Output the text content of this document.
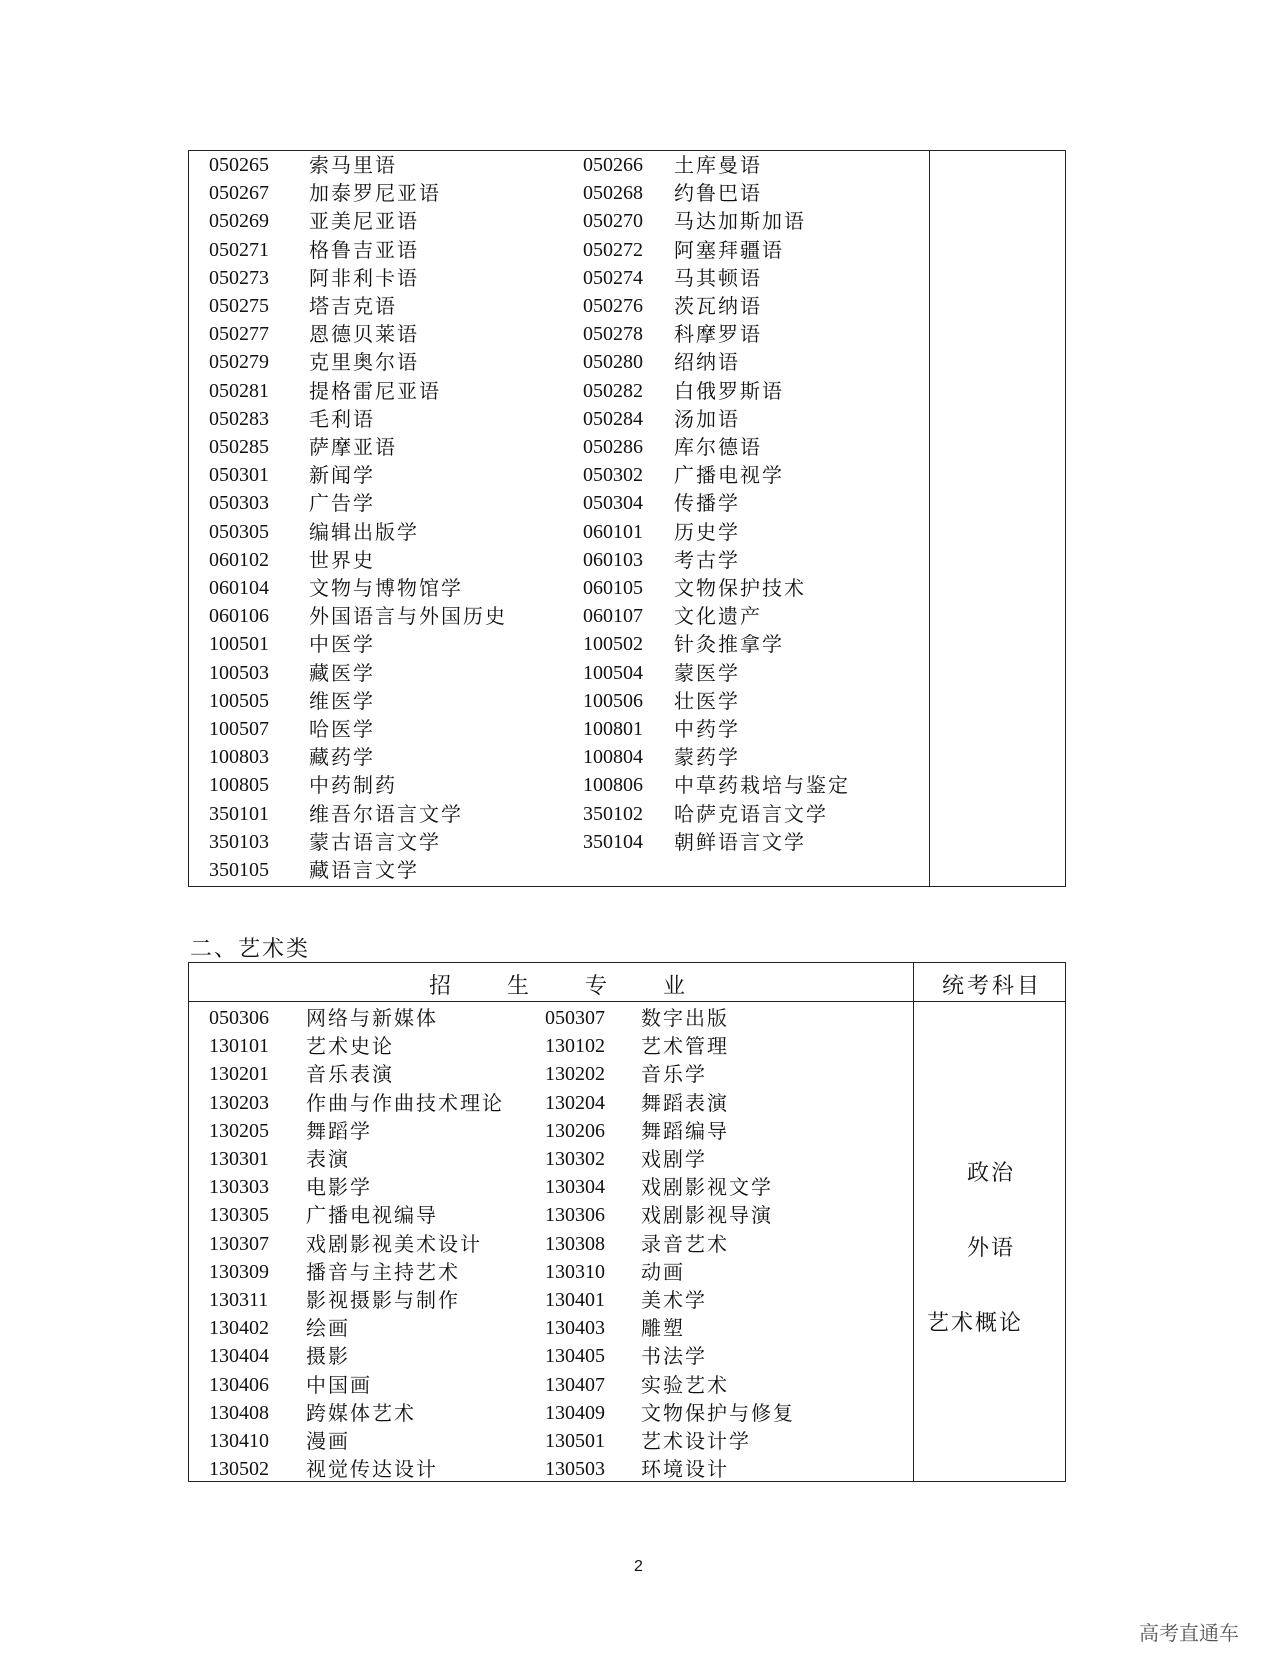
050265 索马里语	050266 土库曼语
050267 加泰罗尼亚语	050268 约鲁巴语
050269 亚美尼亚语	050270 马达加斯加语
050271 格鲁吉亚语	050272 阿塞拜疆语
050273 阿非利卡语	050274 马其顿语
050275 塔吉克语	050276 茨瓦纳语
050277 恩德贝莱语	050278 科摩罗语
050279 克里奥尔语	050280 绍纳语
050281 提格雷尼亚语	050282 白俄罗斯语
050283 毛利语	050284 汤加语
050285 萨摩亚语	050286 库尔德语
050301 新闻学	050302 广播电视学
050303 广告学	050304 传播学
050305 编辑出版学	060101 历史学
060102 世界史	060103 考古学
060104 文物与博物馆学	060105 文物保护技术
060106 外国语言与外国历史	060107 文化遗产
100501 中医学	100502 针灸推拿学
100503 藏医学	100504 蒙医学
100505 维医学	100506 壮医学
100507 哈医学	100801 中药学
100803 藏药学	100804 蒙药学
100805 中药制药	100806 中草药栽培与鉴定
350101 维吾尔语言文学	350102 哈萨克语言文学
350103 蒙古语言文学	350104 朝鲜语言文学
350105 藏语言文学
二、艺术类
招	生	专	业	统考科目
政治
外语
艺术概论
050306 网络与新媒体	050307 数字出版
130101 艺术史论	130102 艺术管理
130201 音乐表演	130202 音乐学
130203 作曲与作曲技术理论 130204 舞蹈表演
130205 舞蹈学	130206 舞蹈编导
130301 表演	130302 戏剧学
130303 电影学	130304 戏剧影视文学
130305 广播电视编导	130306 戏剧影视导演
130307 戏剧影视美术设计	130308 录音艺术
130309 播音与主持艺术	130310 动画
130311 影视摄影与制作	130401 美术学
130402 绘画	130403 雕塑
130404 摄影	130405 书法学
130406 中国画	130407 实验艺术
130408 跨媒体艺术	130409 文物保护与修复
130410 漫画	130501 艺术设计学
130502 视觉传达设计	130503 环境设计
2
高考直通车
